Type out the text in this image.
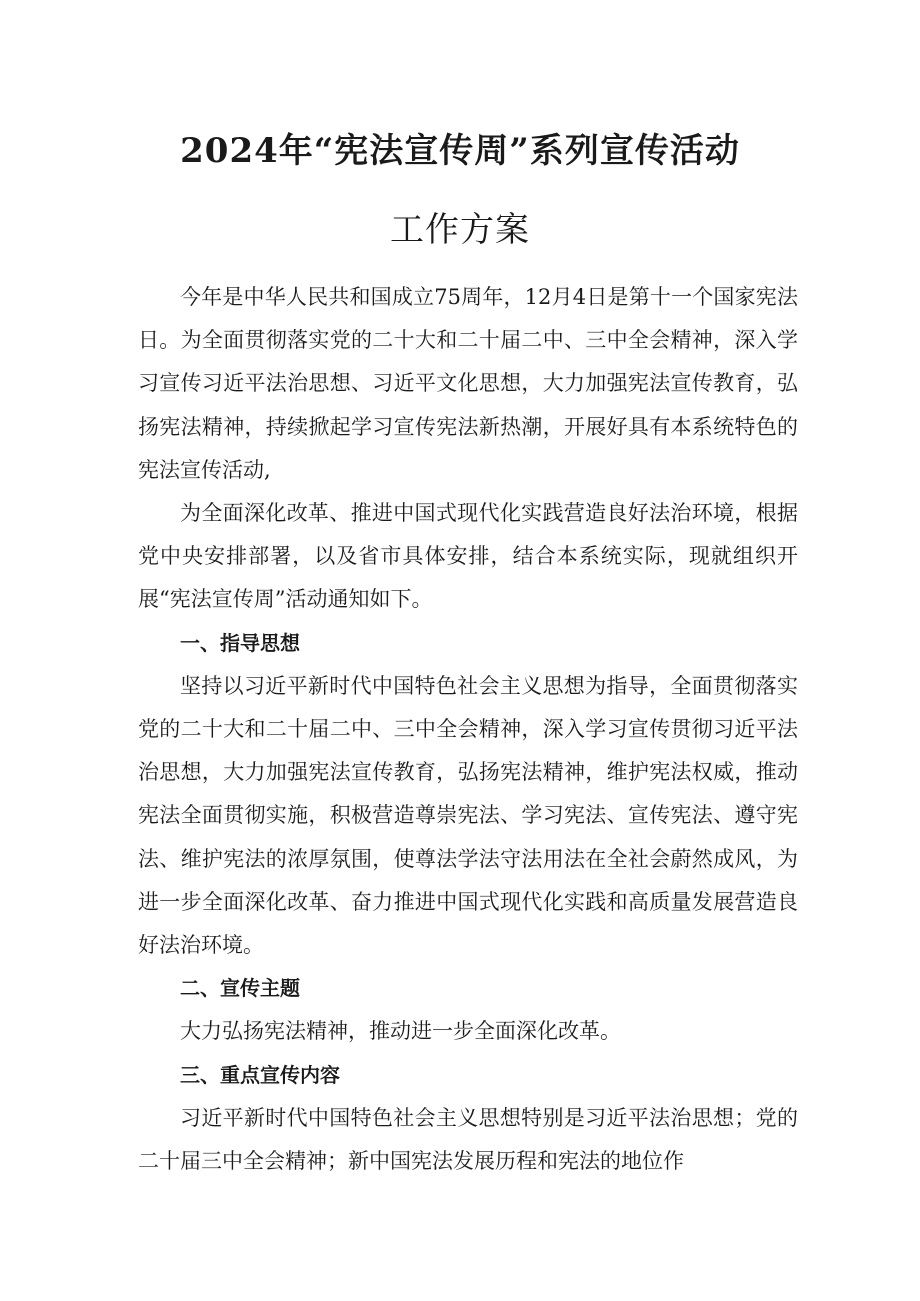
2024年“宪法宣传周”系列宣传活动
工作方案

今年是中华人民共和国成立75周年，12月4日是第十一个国家宪法日。为全面贯彻落实党的二十大和二十届二中、三中全会精神，深入学习宣传习近平法治思想、习近平文化思想，大力加强宪法宣传教育，弘扬宪法精神，持续掀起学习宣传宪法新热潮，开展好具有本系统特色的宪法宣传活动,

为全面深化改革、推进中国式现代化实践营造良好法治环境，根据党中央安排部署，以及省市具体安排，结合本系统实际，现就组织开展“宪法宣传周”活动通知如下。

一、指导思想

坚持以习近平新时代中国特色社会主义思想为指导，全面贯彻落实党的二十大和二十届二中、三中全会精神，深入学习宣传贯彻习近平法治思想，大力加强宪法宣传教育，弘扬宪法精神，维护宪法权威，推动宪法全面贯彻实施，积极营造尊崇宪法、学习宪法、宣传宪法、遵守宪法、维护宪法的浓厚氛围，使尊法学法守法用法在全社会蔚然成风，为进一步全面深化改革、奋力推进中国式现代化实践和高质量发展营造良好法治环境。

二、宣传主题

大力弘扬宪法精神，推动进一步全面深化改革。

三、重点宣传内容

习近平新时代中国特色社会主义思想特别是习近平法治思想；党的二十届三中全会精神；新中国宪法发展历程和宪法的地位作
